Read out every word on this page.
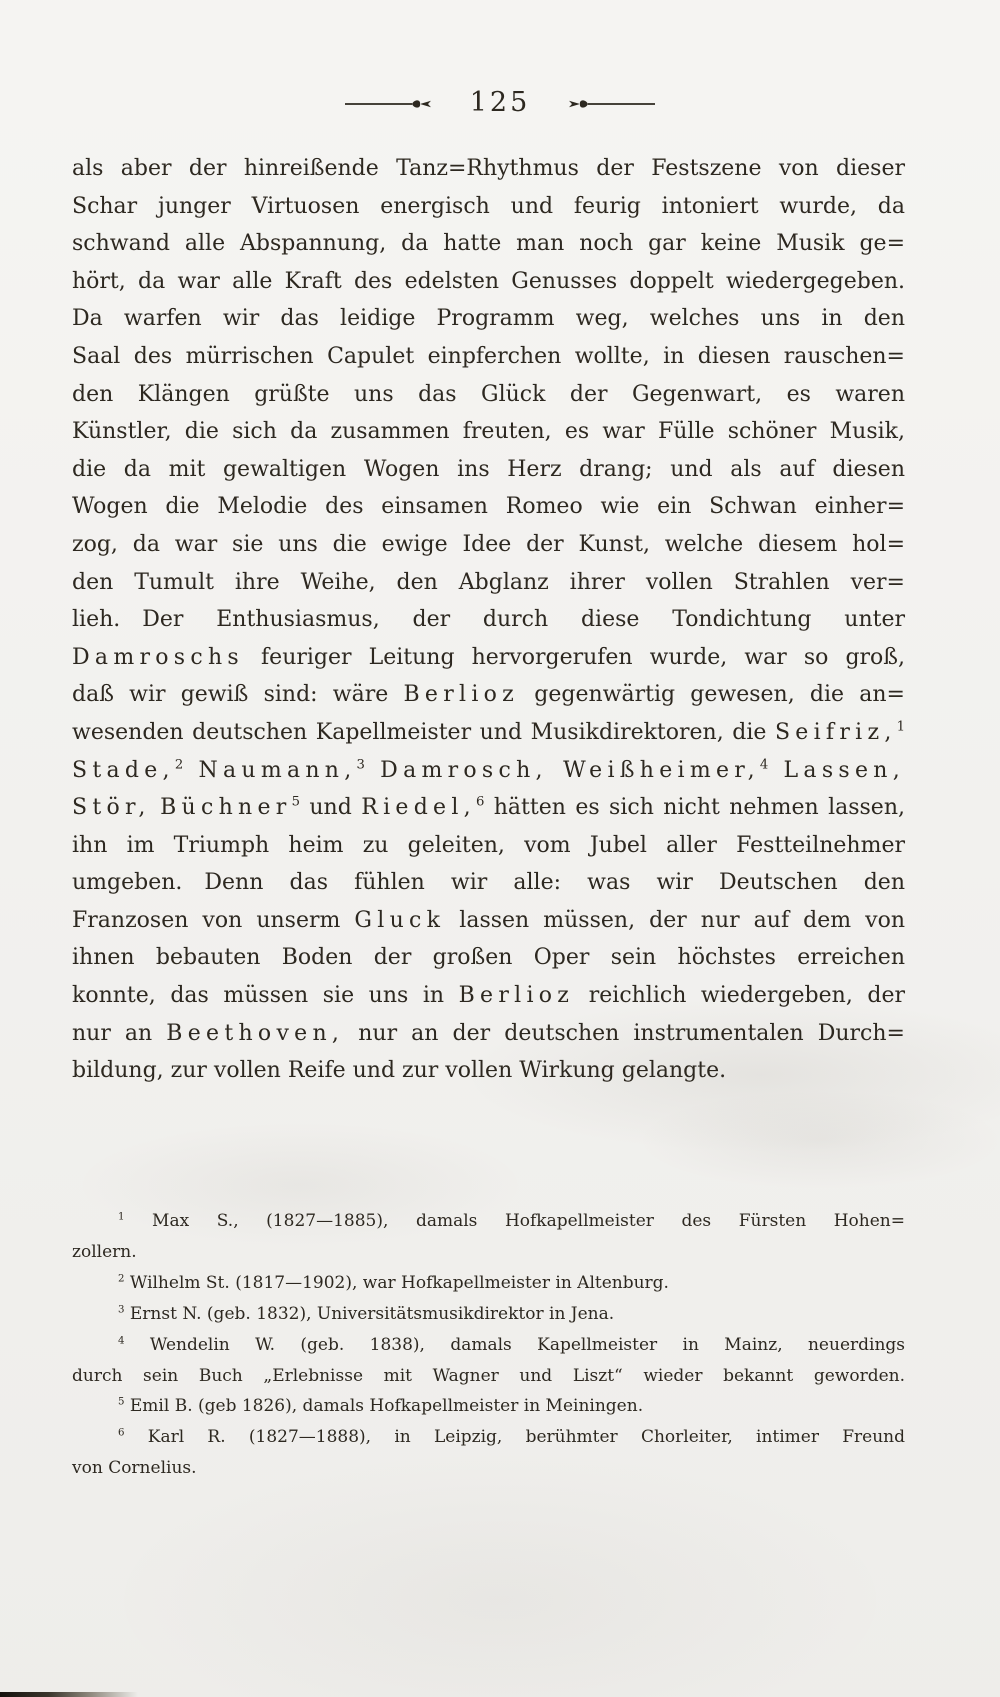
125
als aber der hinreißende Tanz=Rhythmus der Festszene von dieser
Schar junger Virtuosen energisch und feurig intoniert wurde, da
schwand alle Abspannung, da hatte man noch gar keine Musik ge=
hört, da war alle Kraft des edelsten Genusses doppelt wiedergegeben.
Da warfen wir das leidige Programm weg, welches uns in den
Saal des mürrischen Capulet einpferchen wollte, in diesen rauschen=
den Klängen grüßte uns das Glück der Gegenwart, es waren
Künstler, die sich da zusammen freuten, es war Fülle schöner Musik,
die da mit gewaltigen Wogen ins Herz drang; und als auf diesen
Wogen die Melodie des einsamen Romeo wie ein Schwan einher=
zog, da war sie uns die ewige Idee der Kunst, welche diesem hol=
den Tumult ihre Weihe, den Abglanz ihrer vollen Strahlen ver=
lieh.  Der Enthusiasmus, der durch diese Tondichtung unter
Damroschs feuriger Leitung hervorgerufen wurde, war so groß,
daß wir gewiß sind: wäre Berlioz gegenwärtig gewesen, die an=
wesenden deutschen Kapellmeister und Musikdirektoren, die Seifriz,$^1$
Stade,$^2$ Naumann,$^3$ Damrosch, Weißheimer,$^4$ Lassen,
Stör, Büchner$^5$ und Riedel,$^6$ hätten es sich nicht nehmen lassen,
ihn im Triumph heim zu geleiten, vom Jubel aller Festteilnehmer
umgeben.  Denn das fühlen wir alle: was wir Deutschen den
Franzosen von unserm Gluck lassen müssen, der nur auf dem von
ihnen bebauten Boden der großen Oper sein höchstes erreichen
konnte, das müssen sie uns in Berlioz reichlich wiedergeben, der
nur an Beethoven, nur an der deutschen instrumentalen Durch=
bildung, zur vollen Reife und zur vollen Wirkung gelangte.
$^1$ Max S., (1827—1885), damals Hofkapellmeister des Fürsten Hohen=
zollern.
$^2$ Wilhelm St. (1817—1902), war Hofkapellmeister in Altenburg.
$^3$ Ernst N. (geb. 1832), Universitätsmusikdirektor in Jena.
$^4$ Wendelin W. (geb. 1838), damals Kapellmeister in Mainz, neuerdings
durch sein Buch „Erlebnisse mit Wagner und Liszt“ wieder bekannt geworden.
$^5$ Emil B. (geb 1826), damals Hofkapellmeister in Meiningen.
$^6$ Karl R. (1827—1888), in Leipzig, berühmter Chorleiter, intimer Freund
von Cornelius.
